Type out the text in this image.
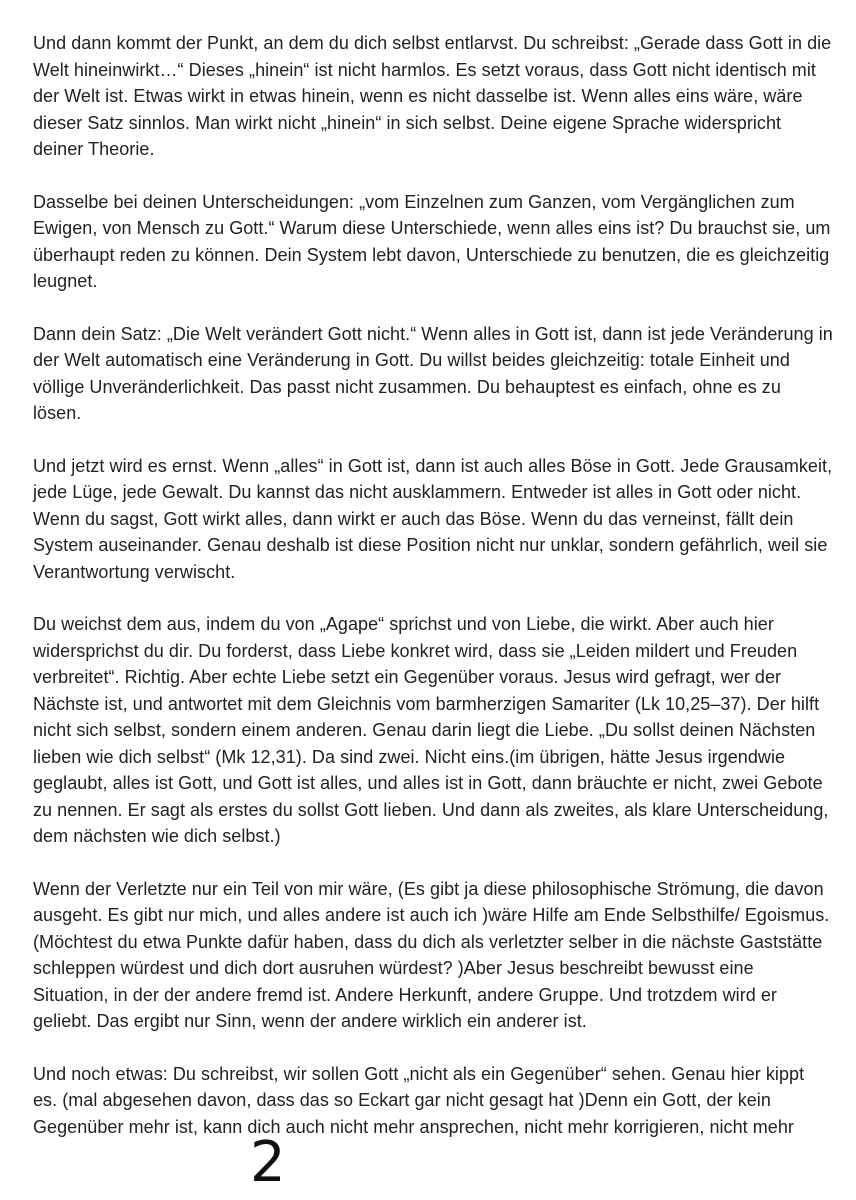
Und dann kommt der Punkt, an dem du dich selbst entlarvst. Du schreibst: „Gerade dass Gott in die Welt hineinwirkt…“ Dieses „hinein“ ist nicht harmlos. Es setzt voraus, dass Gott nicht identisch mit der Welt ist. Etwas wirkt in etwas hinein, wenn es nicht dasselbe ist. Wenn alles eins wäre, wäre dieser Satz sinnlos. Man wirkt nicht „hinein“ in sich selbst. Deine eigene Sprache widerspricht deiner Theorie.

Dasselbe bei deinen Unterscheidungen: „vom Einzelnen zum Ganzen, vom Vergänglichen zum Ewigen, von Mensch zu Gott.“ Warum diese Unterschiede, wenn alles eins ist? Du brauchst sie, um überhaupt reden zu können. Dein System lebt davon, Unterschiede zu benutzen, die es gleichzeitig leugnet.

Dann dein Satz: „Die Welt verändert Gott nicht.“ Wenn alles in Gott ist, dann ist jede Veränderung in der Welt automatisch eine Veränderung in Gott. Du willst beides gleichzeitig: totale Einheit und völlige Unveränderlichkeit. Das passt nicht zusammen. Du behauptest es einfach, ohne es zu lösen.

Und jetzt wird es ernst. Wenn „alles“ in Gott ist, dann ist auch alles Böse in Gott. Jede Grausamkeit, jede Lüge, jede Gewalt. Du kannst das nicht ausklammern. Entweder ist alles in Gott oder nicht. Wenn du sagst, Gott wirkt alles, dann wirkt er auch das Böse. Wenn du das verneinst, fällt dein System auseinander. Genau deshalb ist diese Position nicht nur unklar, sondern gefährlich, weil sie Verantwortung verwischt.

Du weichst dem aus, indem du von „Agape“ sprichst und von Liebe, die wirkt. Aber auch hier widersprichst du dir. Du forderst, dass Liebe konkret wird, dass sie „Leiden mildert und Freuden verbreitet“. Richtig. Aber echte Liebe setzt ein Gegenüber voraus. Jesus wird gefragt, wer der Nächste ist, und antwortet mit dem Gleichnis vom barmherzigen Samariter (Lk 10,25–37). Der hilft nicht sich selbst, sondern einem anderen. Genau darin liegt die Liebe. „Du sollst deinen Nächsten lieben wie dich selbst“ (Mk 12,31). Da sind zwei. Nicht eins.(im übrigen, hätte Jesus irgendwie geglaubt, alles ist Gott, und Gott ist alles, und alles ist in Gott, dann bräuchte er nicht, zwei Gebote zu nennen. Er sagt als erstes du sollst Gott lieben. Und dann als zweites, als klare Unterscheidung, dem nächsten wie dich selbst.)

Wenn der Verletzte nur ein Teil von mir wäre, (Es gibt ja diese philosophische Strömung, die davon ausgeht. Es gibt nur mich, und alles andere ist auch ich )wäre Hilfe am Ende Selbsthilfe/ Egoismus. (Möchtest du etwa Punkte dafür haben, dass du dich als verletzter selber in die nächste Gaststätte schleppen würdest und dich dort ausruhen würdest? )Aber Jesus beschreibt bewusst eine Situation, in der der andere fremd ist. Andere Herkunft, andere Gruppe. Und trotzdem wird er geliebt. Das ergibt nur Sinn, wenn der andere wirklich ein anderer ist.

Und noch etwas: Du schreibst, wir sollen Gott „nicht als ein Gegenüber“ sehen. Genau hier kippt es. (mal abgesehen davon, dass das so Eckart gar nicht gesagt hat )Denn ein Gott, der kein Gegenüber mehr ist, kann dich auch nicht mehr ansprechen, nicht mehr korrigieren, nicht mehr

2
